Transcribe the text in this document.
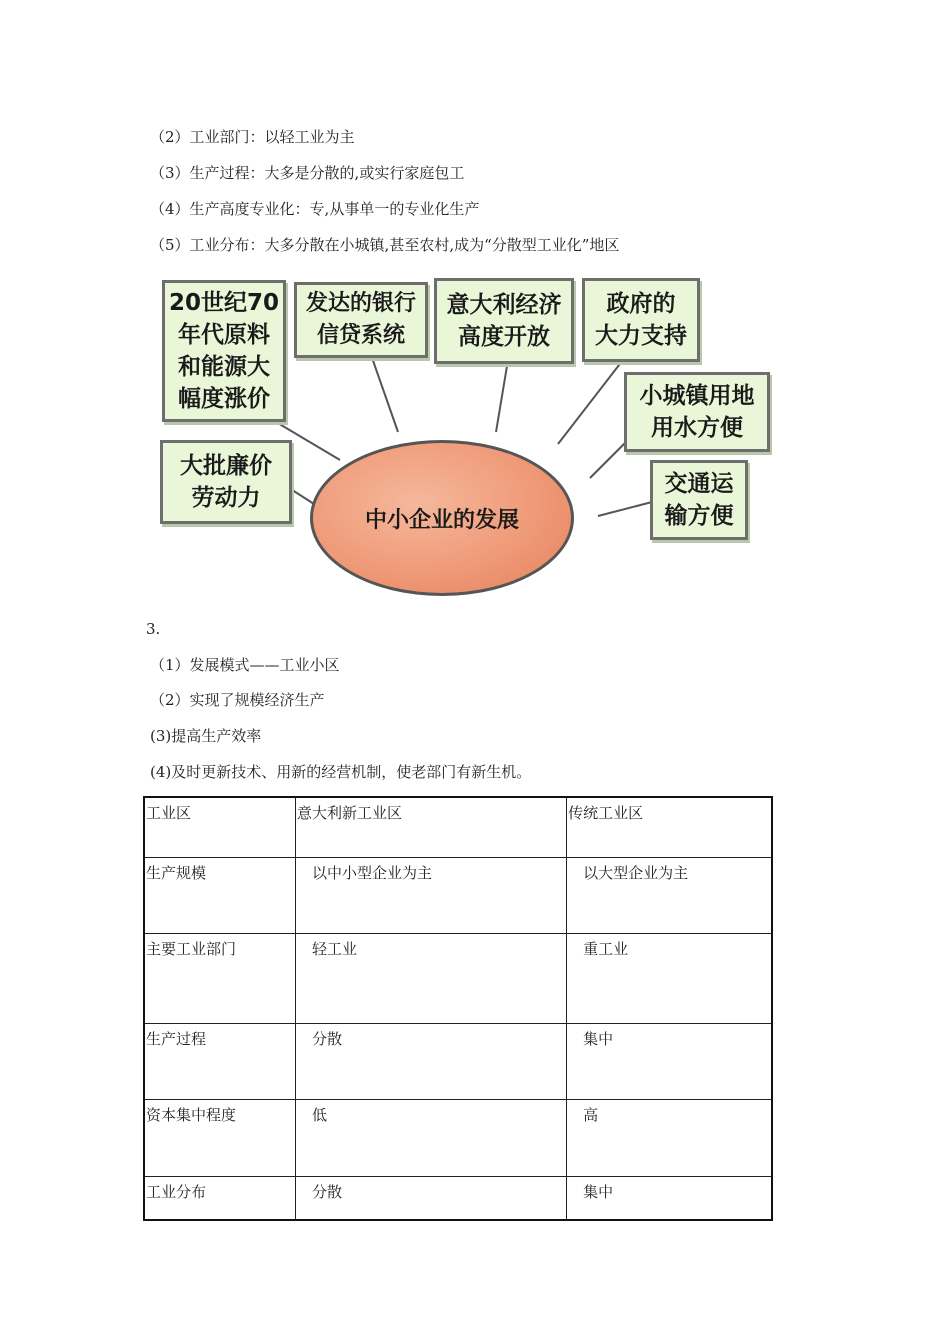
（2）工业部门：以轻工业为主
（3）生产过程：大多是分散的,或实行家庭包工
（4）生产高度专业化：专,从事单一的专业化生产
（5）工业分布：大多分散在小城镇,甚至农村,成为“分散型工业化”地区
20世纪70
年代原料
和能源大
幅度涨价
发达的银行
信贷系统
意大利经济
高度开放
政府的
大力支持
小城镇用地
用水方便
交通运
输方便
大批廉价
劳动力
中小企业的发展
3.
（1）发展模式——工业小区
（2）实现了规模经济生产
(3)提高生产效率
(4)及时更新技术、用新的经营机制，使老部门有新生机。
工业区	意大利新工业区	传统工业区
生产规模	以中小型企业为主	以大型企业为主
主要工业部门	轻工业	重工业
生产过程	分散	集中
资本集中程度	低	高
工业分布	分散	集中
